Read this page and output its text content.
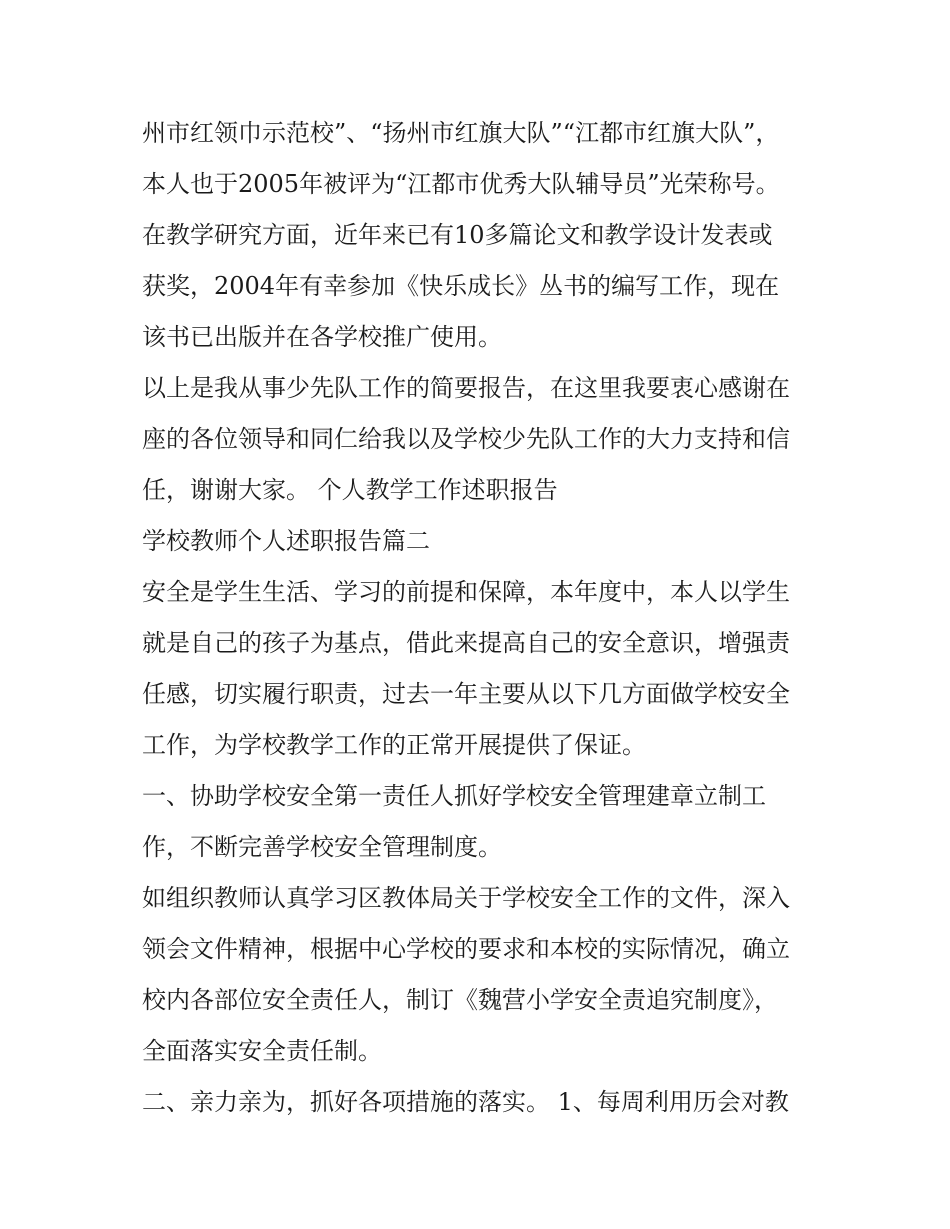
州市红领巾示范校”、“扬州市红旗大队”“江都市红旗大队”，
本人也于2005年被评为“江都市优秀大队辅导员”光荣称号。
在教学研究方面，近年来已有10多篇论文和教学设计发表或
获奖，2004年有幸参加《快乐成长》丛书的编写工作，现在
该书已出版并在各学校推广使用。
以上是我从事少先队工作的简要报告，在这里我要衷心感谢在
座的各位领导和同仁给我以及学校少先队工作的大力支持和信
任，谢谢大家。 个人教学工作述职报告
学校教师个人述职报告篇二
安全是学生生活、学习的前提和保障，本年度中，本人以学生
就是自己的孩子为基点，借此来提高自己的安全意识，增强责
任感，切实履行职责，过去一年主要从以下几方面做学校安全
工作，为学校教学工作的正常开展提供了保证。
一、协助学校安全第一责任人抓好学校安全管理建章立制工
作，不断完善学校安全管理制度。
如组织教师认真学习区教体局关于学校安全工作的文件，深入
领会文件精神，根据中心学校的要求和本校的实际情况，确立
校内各部位安全责任人，制订《魏营小学安全责追究制度》，
全面落实安全责任制。
二、亲力亲为，抓好各项措施的落实。 1、每周利用历会对教
